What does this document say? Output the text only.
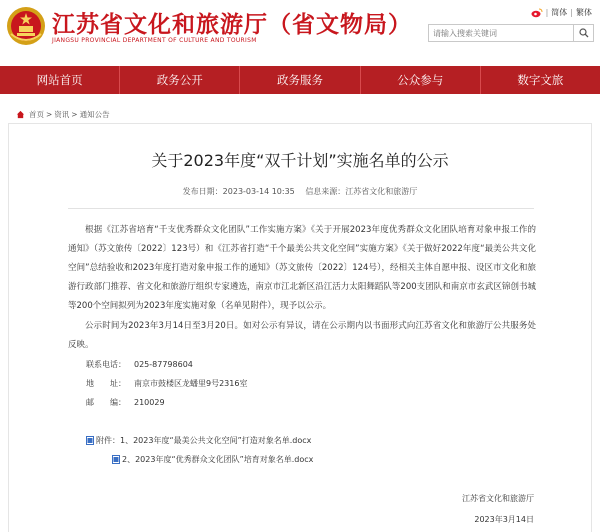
江苏省文化和旅游厅（省文物局）
JIANGSU PROVINCIAL DEPARTMENT OF CULTURE AND TOURISM
| 简体 | 繁体
请输入搜索关键词
网站首页	政务公开	政务服务	公众参与	数字文旅
首页 > 资讯 > 通知公告
关于2023年度“双千计划”实施名单的公示
发布日期：2023-03-14 10:35 信息来源：江苏省文化和旅游厅
根据《江苏省培育“千支优秀群众文化团队”工作实施方案》《关于开展2023年度优秀群众文化团队培育对象申报工作的通知》（苏文旅传〔2022〕123号）和《江苏省打造“千个最美公共文化空间”实施方案》《关于做好2022年度“最美公共文化空间”总结验收和2023年度打造对象申报工作的通知》（苏文旅传〔2022〕124号），经相关主体自愿申报、设区市文化和旅游行政部门推荐、省文化和旅游厅组织专家遴选，南京市江北新区沿江活力太阳舞蹈队等200支团队和南京市玄武区锦创书城等200个空间拟列为2023年度实施对象（名单见附件），现予以公示。
公示时间为2023年3月14日至3月20日。如对公示有异议，请在公示期内以书面形式向江苏省文化和旅游厅公共服务处反映。
联系电话： 025-87798604
地　　址： 南京市鼓楼区龙蟠里9号2316室
邮　　编： 210029
附件：1、2023年度“最美公共文化空间”打造对象名单.docx
2、2023年度“优秀群众文化团队”培育对象名单.docx
江苏省文化和旅游厅
2023年3月14日
